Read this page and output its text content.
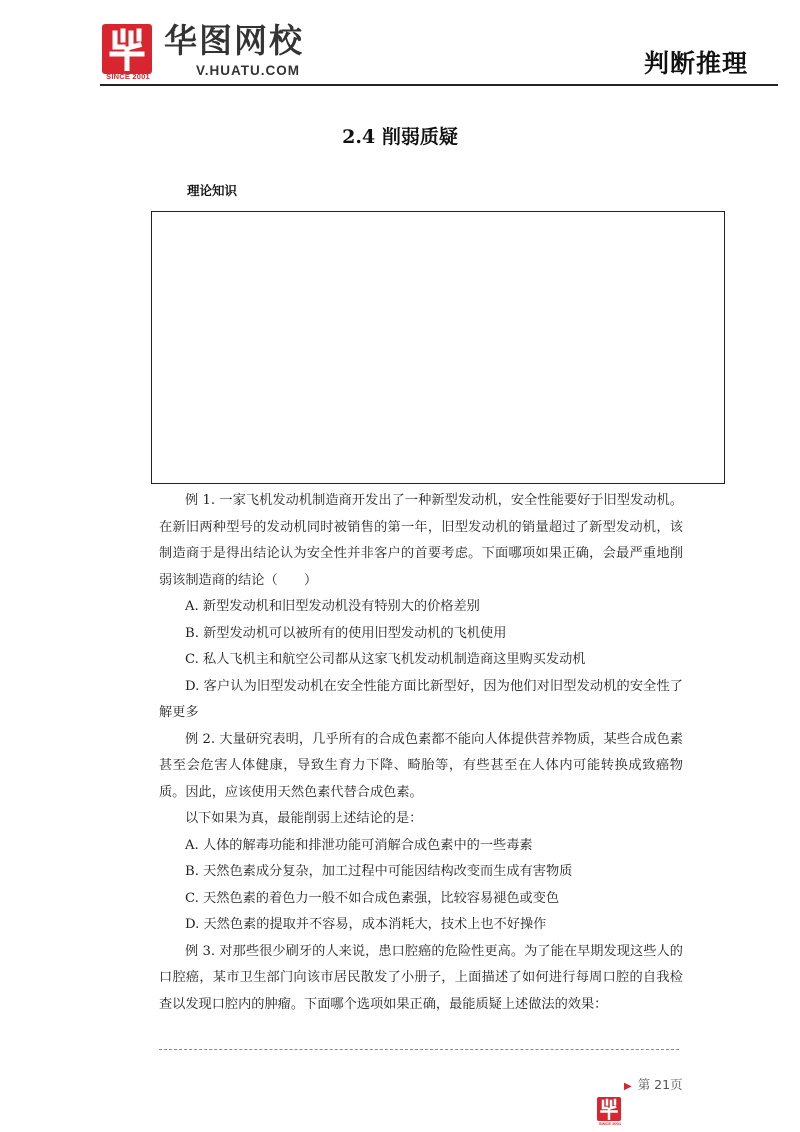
SINCE 2001
华图网校
V.HUATU.COM	判断推理
2.4 削弱质疑
理论知识

例 1. 一家飞机发动机制造商开发出了一种新型发动机，安全性能要好于旧型发动机。在新旧两种型号的发动机同时被销售的第一年，旧型发动机的销量超过了新型发动机，该制造商于是得出结论认为安全性并非客户的首要考虑。下面哪项如果正确，会最严重地削弱该制造商的结论（　　）

A. 新型发动机和旧型发动机没有特别大的价格差别

B. 新型发动机可以被所有的使用旧型发动机的飞机使用

C. 私人飞机主和航空公司都从这家飞机发动机制造商这里购买发动机

D. 客户认为旧型发动机在安全性能方面比新型好，因为他们对旧型发动机的安全性了解更多

例 2. 大量研究表明，几乎所有的合成色素都不能向人体提供营养物质，某些合成色素甚至会危害人体健康，导致生育力下降、畸胎等，有些甚至在人体内可能转换成致癌物质。因此，应该使用天然色素代替合成色素。

以下如果为真，最能削弱上述结论的是：

A. 人体的解毒功能和排泄功能可消解合成色素中的一些毒素

B. 天然色素成分复杂，加工过程中可能因结构改变而生成有害物质

C. 天然色素的着色力一般不如合成色素强，比较容易褪色或变色

D. 天然色素的提取并不容易，成本消耗大，技术上也不好操作

例 3. 对那些很少刷牙的人来说，患口腔癌的危险性更高。为了能在早期发现这些人的口腔癌，某市卫生部门向该市居民散发了小册子，上面描述了如何进行每周口腔的自我检查以发现口腔内的肿瘤。下面哪个选项如果正确，最能质疑上述做法的效果：

▶ 第 21页
SINCE 2001
